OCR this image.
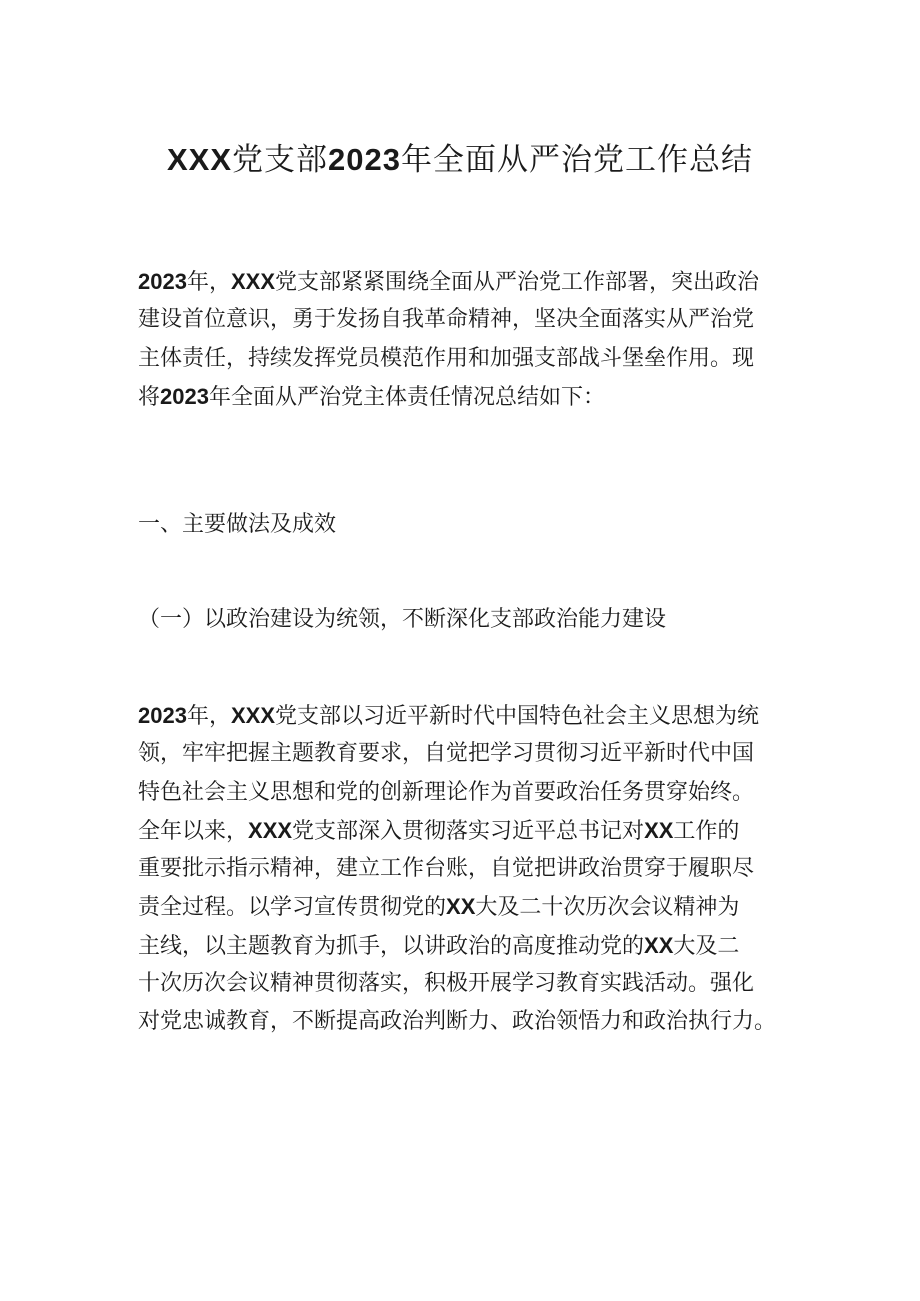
XXX党支部2023年全面从严治党工作总结
2023年，XXX党支部紧紧围绕全面从严治党工作部署，突出政治
建设首位意识，勇于发扬自我革命精神，坚决全面落实从严治党
主体责任，持续发挥党员模范作用和加强支部战斗堡垒作用。现
将2023年全面从严治党主体责任情况总结如下：
一、主要做法及成效
（一）以政治建设为统领，不断深化支部政治能力建设
2023年，XXX党支部以习近平新时代中国特色社会主义思想为统
领，牢牢把握主题教育要求，自觉把学习贯彻习近平新时代中国
特色社会主义思想和党的创新理论作为首要政治任务贯穿始终。
全年以来，XXX党支部深入贯彻落实习近平总书记对XX工作的
重要批示指示精神，建立工作台账，自觉把讲政治贯穿于履职尽
责全过程。以学习宣传贯彻党的XX大及二十次历次会议精神为
主线，以主题教育为抓手，以讲政治的高度推动党的XX大及二
十次历次会议精神贯彻落实，积极开展学习教育实践活动。强化
对党忠诚教育，不断提高政治判断力、政治领悟力和政治执行力。
